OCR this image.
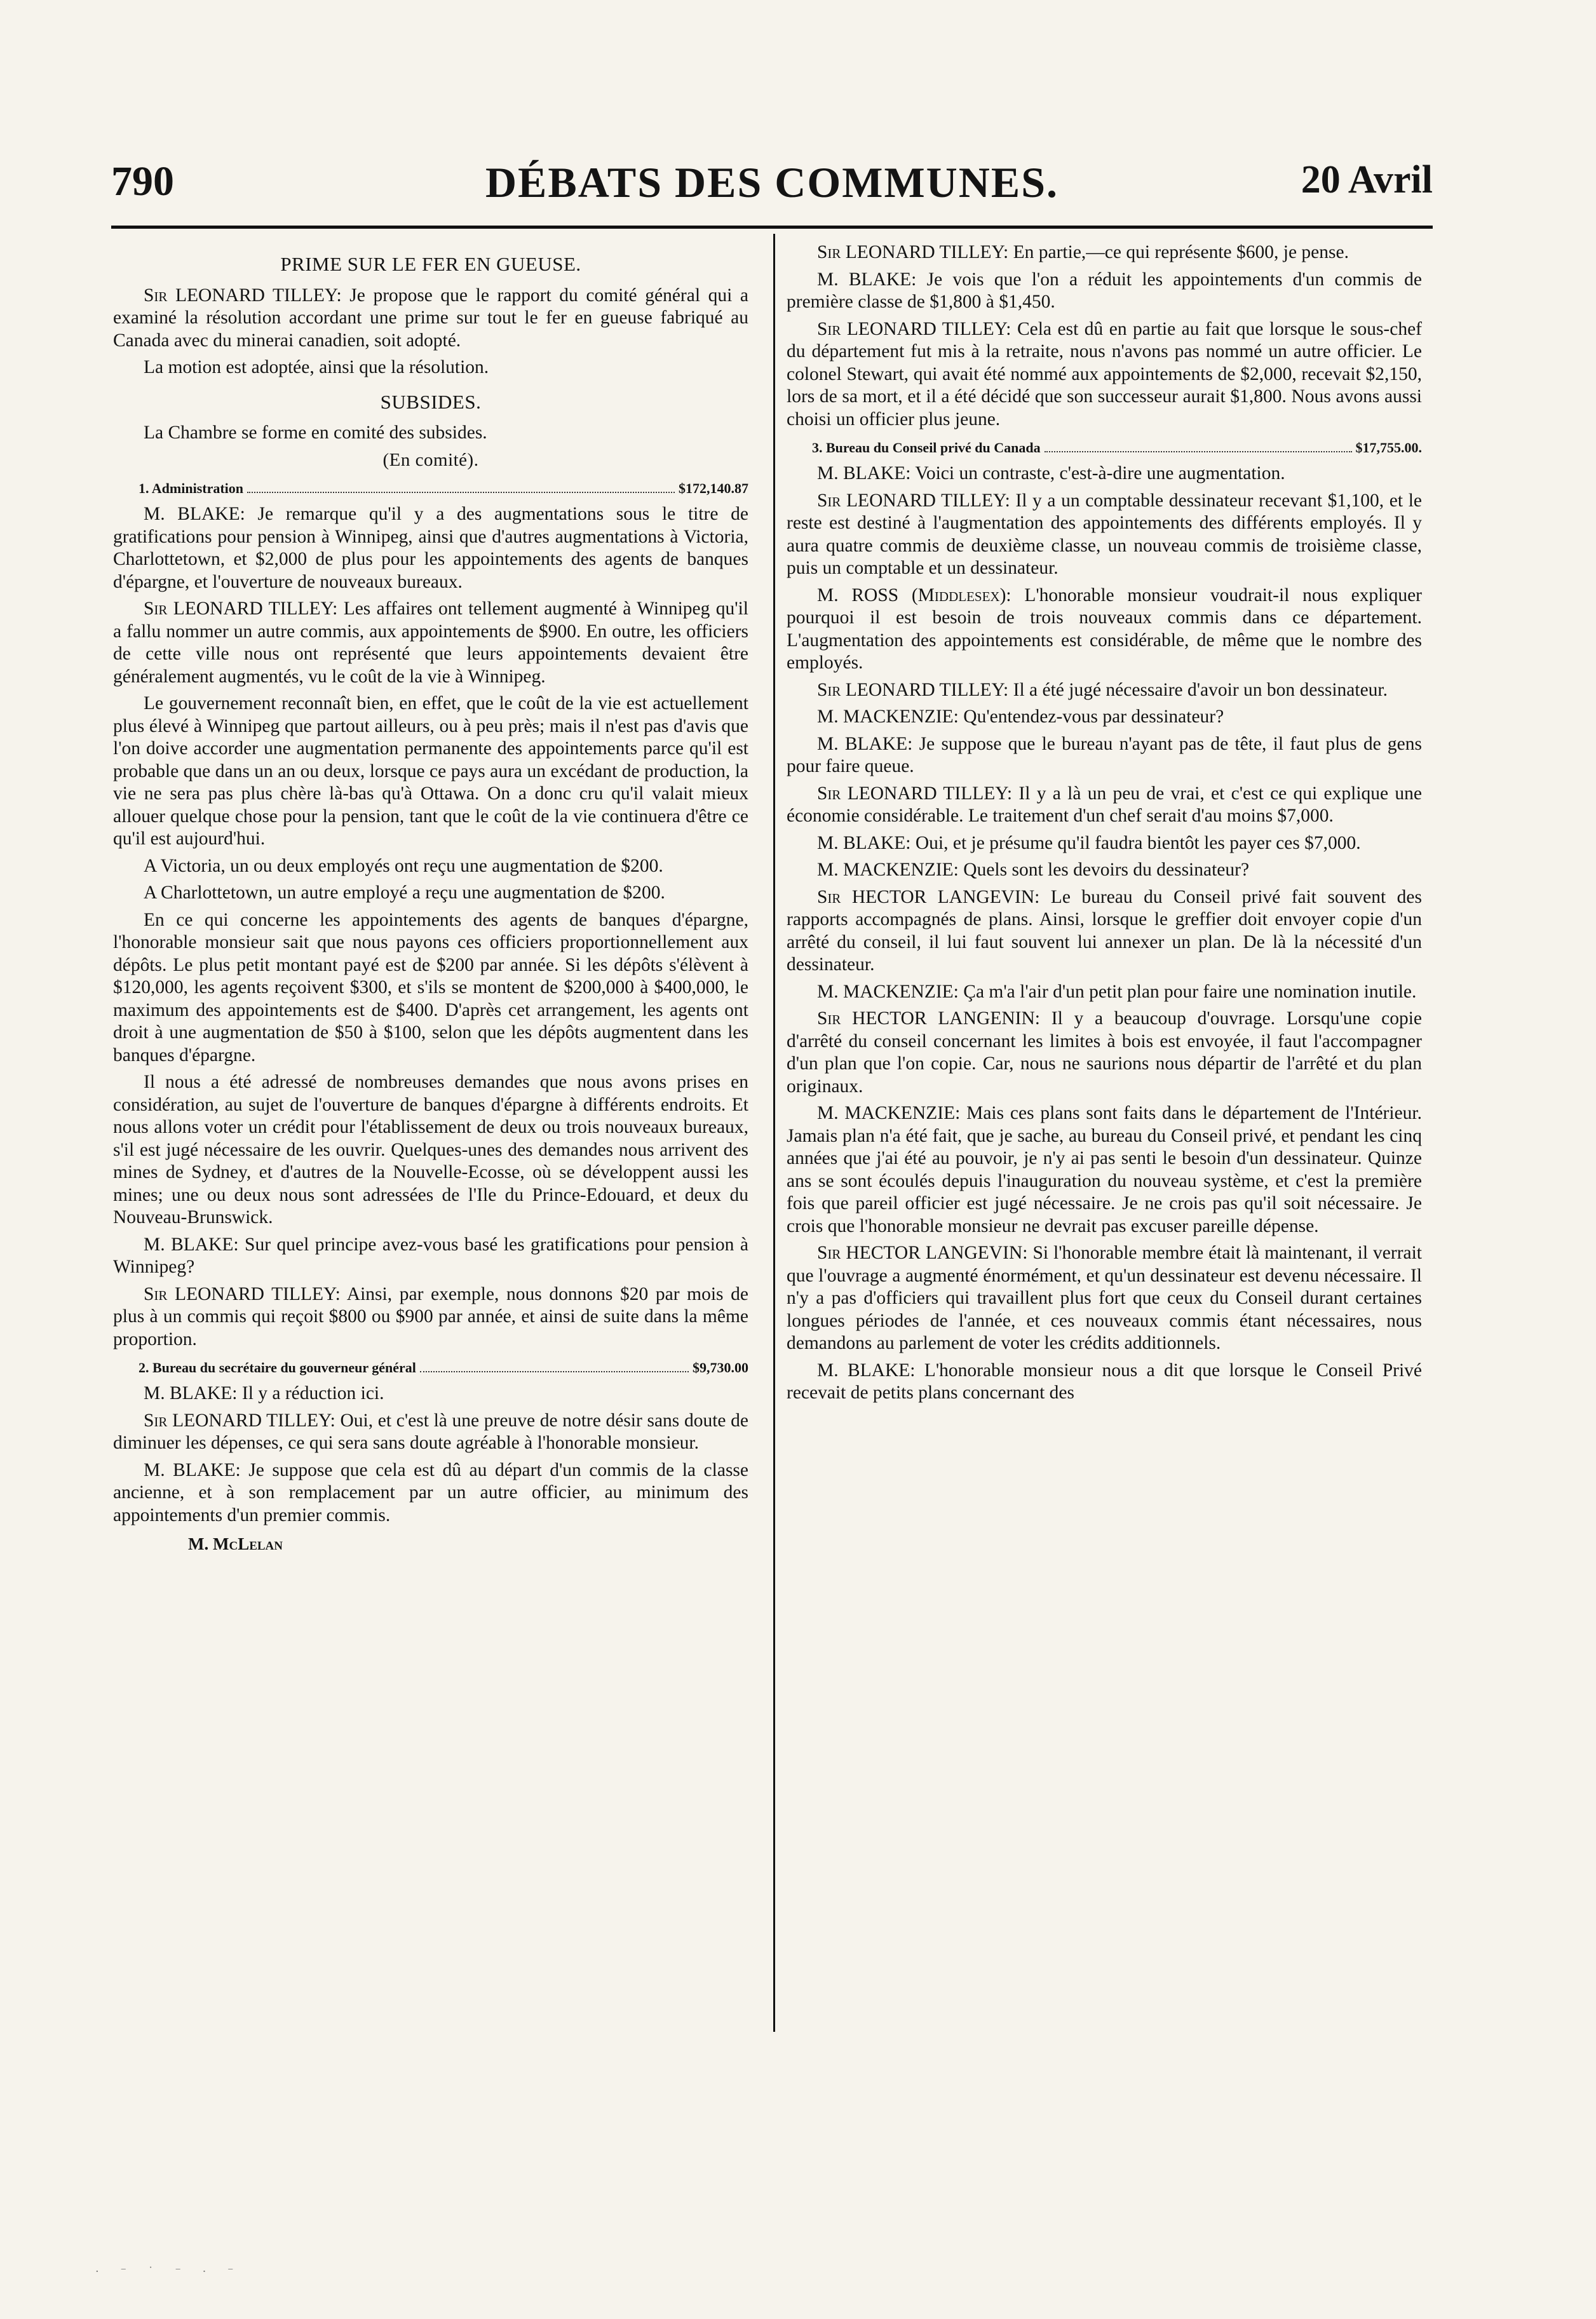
790	DÉBATS DES COMMUNES.	20 Avril
PRIME SUR LE FER EN GUEUSE.

Sir LEONARD TILLEY: Je propose que le rapport du comité général qui a examiné la résolution accordant une prime sur tout le fer en gueuse fabriqué au Canada avec du minerai canadien, soit adopté.

La motion est adoptée, ainsi que la résolution.

SUBSIDES.

La Chambre se forme en comité des subsides.

(En comité).
1. Administration	$172,140.87

M. BLAKE: Je remarque qu'il y a des augmentations sous le titre de gratifications pour pension à Winnipeg, ainsi que d'autres augmentations à Victoria, Charlottetown, et $2,000 de plus pour les appointements des agents de banques d'épargne, et l'ouverture de nouveaux bureaux.

Sir LEONARD TILLEY: Les affaires ont tellement augmenté à Winnipeg qu'il a fallu nommer un autre commis, aux appointements de $900. En outre, les officiers de cette ville nous ont représenté que leurs appointements devaient être généralement augmentés, vu le coût de la vie à Winnipeg.

Le gouvernement reconnaît bien, en effet, que le coût de la vie est actuellement plus élevé à Winnipeg que partout ailleurs, ou à peu près; mais il n'est pas d'avis que l'on doive accorder une augmentation permanente des appointements parce qu'il est probable que dans un an ou deux, lorsque ce pays aura un excédant de production, la vie ne sera pas plus chère là-bas qu'à Ottawa. On a donc cru qu'il valait mieux allouer quelque chose pour la pension, tant que le coût de la vie continuera d'être ce qu'il est aujourd'hui.

A Victoria, un ou deux employés ont reçu une augmentation de $200.

A Charlottetown, un autre employé a reçu une augmentation de $200.

En ce qui concerne les appointements des agents de banques d'épargne, l'honorable monsieur sait que nous payons ces officiers proportionnellement aux dépôts. Le plus petit montant payé est de $200 par année. Si les dépôts s'élèvent à $120,000, les agents reçoivent $300, et s'ils se montent de $200,000 à $400,000, le maximum des appointements est de $400. D'après cet arrangement, les agents ont droit à une augmentation de $50 à $100, selon que les dépôts augmentent dans les banques d'épargne.

Il nous a été adressé de nombreuses demandes que nous avons prises en considération, au sujet de l'ouverture de banques d'épargne à différents endroits. Et nous allons voter un crédit pour l'établissement de deux ou trois nouveaux bureaux, s'il est jugé nécessaire de les ouvrir. Quelques-unes des demandes nous arrivent des mines de Sydney, et d'autres de la Nouvelle-Ecosse, où se développent aussi les mines; une ou deux nous sont adressées de l'Ile du Prince-Edouard, et deux du Nouveau-Brunswick.

M. BLAKE: Sur quel principe avez-vous basé les gratifications pour pension à Winnipeg?

Sir LEONARD TILLEY: Ainsi, par exemple, nous donnons $20 par mois de plus à un commis qui reçoit $800 ou $900 par année, et ainsi de suite dans la même proportion.

2. Bureau du secrétaire du gouverneur général	$9,730.00

M. BLAKE: Il y a réduction ici.

Sir LEONARD TILLEY: Oui, et c'est là une preuve de notre désir sans doute de diminuer les dépenses, ce qui sera sans doute agréable à l'honorable monsieur.

M. BLAKE: Je suppose que cela est dû au départ d'un commis de la classe ancienne, et à son remplacement par un autre officier, au minimum des appointements d'un premier commis.

M. McLelan

Sir LEONARD TILLEY: En partie,—ce qui représente $600, je pense.

M. BLAKE: Je vois que l'on a réduit les appointements d'un commis de première classe de $1,800 à $1,450.

Sir LEONARD TILLEY: Cela est dû en partie au fait que lorsque le sous-chef du département fut mis à la retraite, nous n'avons pas nommé un autre officier. Le colonel Stewart, qui avait été nommé aux appointements de $2,000, recevait $2,150, lors de sa mort, et il a été décidé que son successeur aurait $1,800. Nous avons aussi choisi un officier plus jeune.

3. Bureau du Conseil privé du Canada	$17,755.00.

M. BLAKE: Voici un contraste, c'est-à-dire une augmentation.

Sir LEONARD TILLEY: Il y a un comptable dessinateur recevant $1,100, et le reste est destiné à l'augmentation des appointements des différents employés. Il y aura quatre commis de deuxième classe, un nouveau commis de troisième classe, puis un comptable et un dessinateur.

M. ROSS (Middlesex): L'honorable monsieur voudrait-il nous expliquer pourquoi il est besoin de trois nouveaux commis dans ce département. L'augmentation des appointements est considérable, de même que le nombre des employés.

Sir LEONARD TILLEY: Il a été jugé nécessaire d'avoir un bon dessinateur.

M. MACKENZIE: Qu'entendez-vous par dessinateur?

M. BLAKE: Je suppose que le bureau n'ayant pas de tête, il faut plus de gens pour faire queue.

Sir LEONARD TILLEY: Il y a là un peu de vrai, et c'est ce qui explique une économie considérable. Le traitement d'un chef serait d'au moins $7,000.

M. BLAKE: Oui, et je présume qu'il faudra bientôt les payer ces $7,000.

M. MACKENZIE: Quels sont les devoirs du dessinateur?

Sir HECTOR LANGEVIN: Le bureau du Conseil privé fait souvent des rapports accompagnés de plans. Ainsi, lorsque le greffier doit envoyer copie d'un arrêté du conseil, il lui faut souvent lui annexer un plan. De là la nécessité d'un dessinateur.

M. MACKENZIE: Ça m'a l'air d'un petit plan pour faire une nomination inutile.

Sir HECTOR LANGENIN: Il y a beaucoup d'ouvrage. Lorsqu'une copie d'arrêté du conseil concernant les limites à bois est envoyée, il faut l'accompagner d'un plan que l'on copie. Car, nous ne saurions nous départir de l'arrêté et du plan originaux.

M. MACKENZIE: Mais ces plans sont faits dans le département de l'Intérieur. Jamais plan n'a été fait, que je sache, au bureau du Conseil privé, et pendant les cinq années que j'ai été au pouvoir, je n'y ai pas senti le besoin d'un dessinateur. Quinze ans se sont écoulés depuis l'inauguration du nouveau système, et c'est la première fois que pareil officier est jugé nécessaire. Je ne crois pas qu'il soit nécessaire. Je crois que l'honorable monsieur ne devrait pas excuser pareille dépense.

Sir HECTOR LANGEVIN: Si l'honorable membre était là maintenant, il verrait que l'ouvrage a augmenté énormément, et qu'un dessinateur est devenu nécessaire. Il n'y a pas d'officiers qui travaillent plus fort que ceux du Conseil durant certaines longues périodes de l'année, et ces nouveaux commis étant nécessaires, nous demandons au parlement de voter les crédits additionnels.

M. BLAKE: L'honorable monsieur nous a dit que lorsque le Conseil Privé recevait de petits plans concernant des

· ⁻ ˙ ⁻ · ⁻
